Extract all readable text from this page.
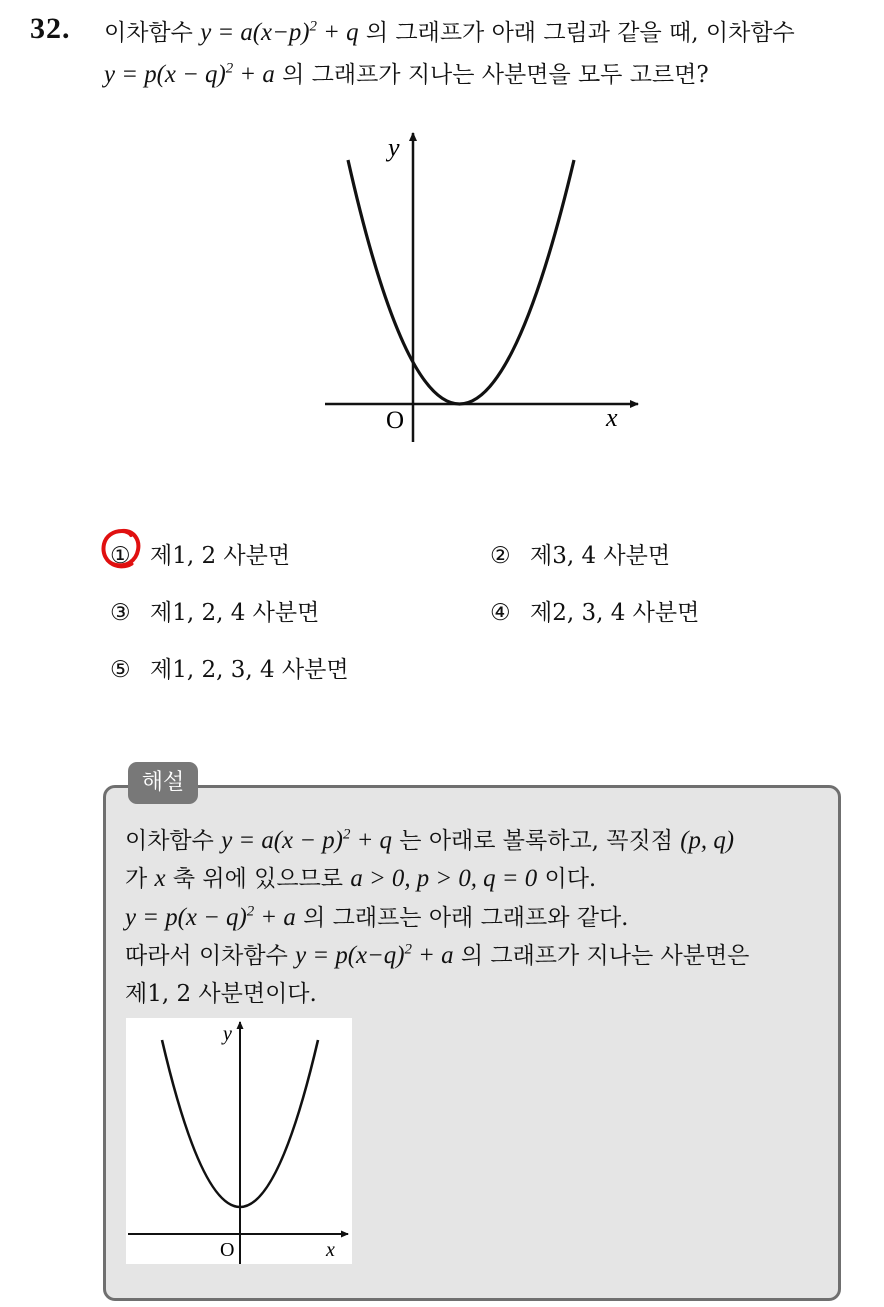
32. 이차함수 $y = a(x-p)^2 + q$ 의 그래프가 아래 그림과 같을 때, 이차함수
$y = p(x - q)^2 + a$ 의 그래프가 지나는 사분면을 모두 고르면?
y
x
O
① 제1, 2 사분면	② 제3, 4 사분면
③ 제1, 2, 4 사분면	④ 제2, 3, 4 사분면
⑤ 제1, 2, 3, 4 사분면
해설
이차함수 $y = a(x - p)^2 + q$ 는 아래로 볼록하고, 꼭짓점 (p, q)
가 x 축 위에 있으므로 a > 0, p > 0, q = 0 이다.
$y = p(x - q)^2 + a$ 의 그래프는 아래 그래프와 같다.
따라서 이차함수 $y = p(x-q)^2 + a$ 의 그래프가 지나는 사분면은
제1, 2 사분면이다.
y
x
O
